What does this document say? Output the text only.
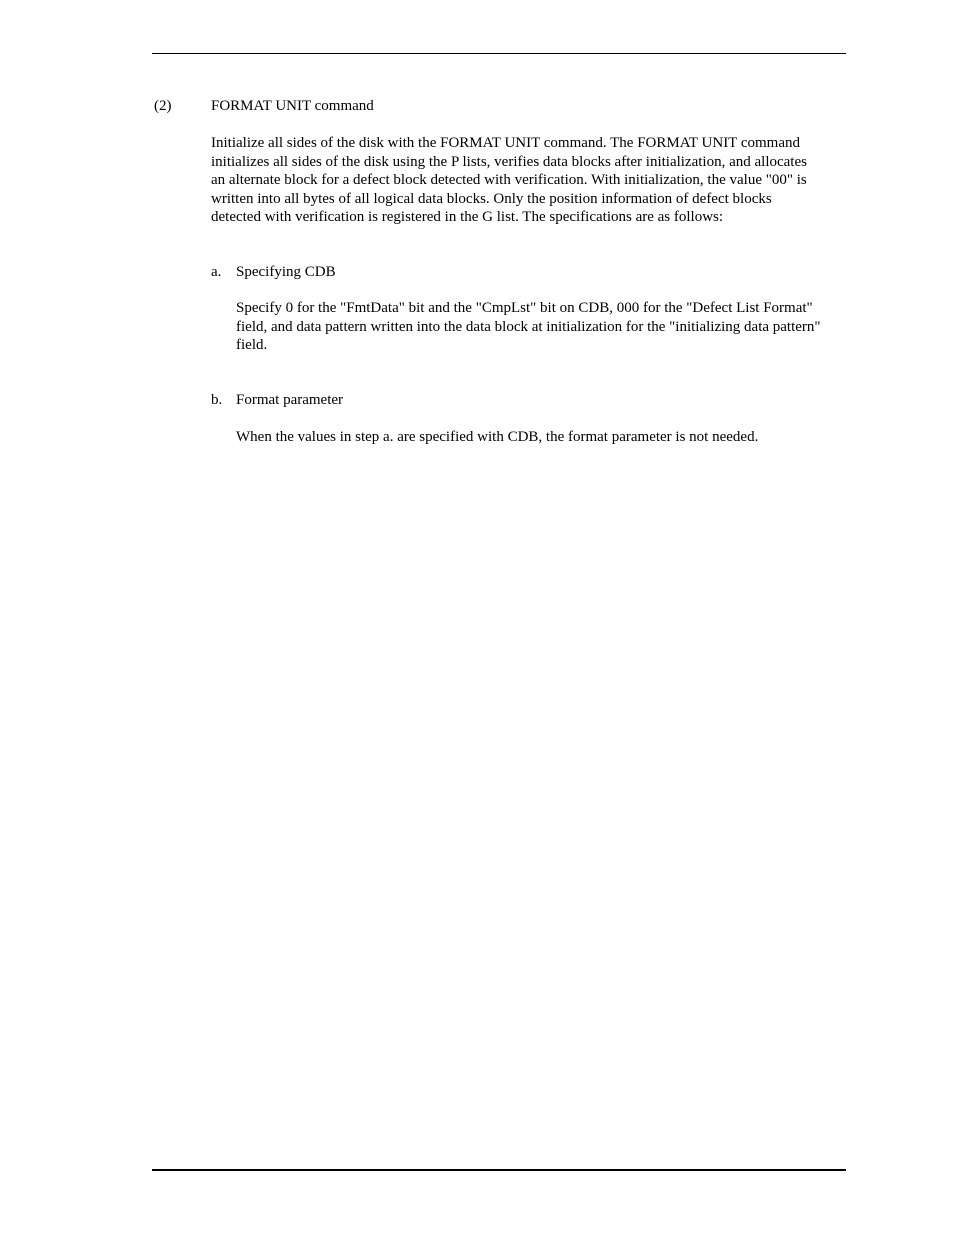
(2)	FORMAT UNIT command
Initialize all sides of the disk with the FORMAT UNIT command. The FORMAT UNIT command
initializes all sides of the disk using the P lists, verifies data blocks after initialization, and allocates
an alternate block for a defect block detected with verification. With initialization, the value "00" is
written into all bytes of all logical data blocks. Only the position information of defect blocks
detected with verification is registered in the G list. The specifications are as follows:
a. Specifying CDB
Specify 0 for the "FmtData" bit and the "CmpLst" bit on CDB, 000 for the "Defect List Format"
field, and data pattern written into the data block at initialization for the "initializing data pattern"
field.
b. Format parameter
When the values in step a. are specified with CDB, the format parameter is not needed.
